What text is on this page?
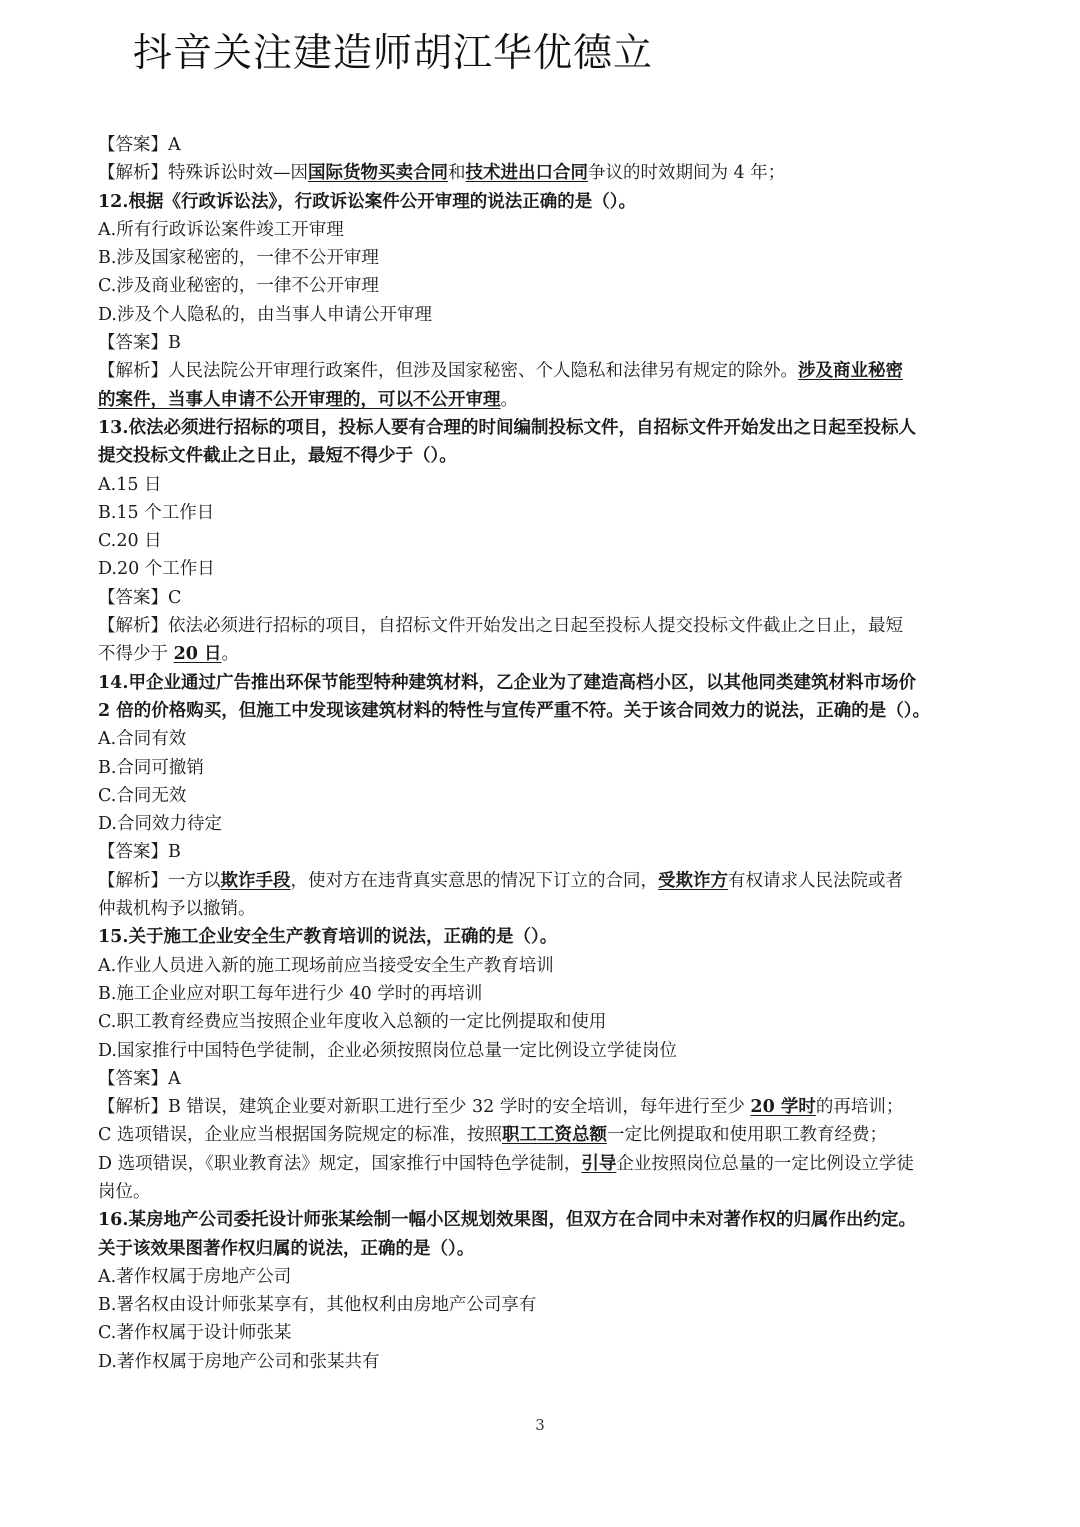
抖音关注建造师胡江华优德立
【答案】A
【解析】特殊诉讼时效—因国际货物买卖合同和技术进出口合同争议的时效期间为 4 年；
12.根据《行政诉讼法》，行政诉讼案件公开审理的说法正确的是（）。
A.所有行政诉讼案件竣工开审理
B.涉及国家秘密的，一律不公开审理
C.涉及商业秘密的，一律不公开审理
D.涉及个人隐私的，由当事人申请公开审理
【答案】B
【解析】人民法院公开审理行政案件，但涉及国家秘密、个人隐私和法律另有规定的除外。涉及商业秘密
的案件，当事人申请不公开审理的，可以不公开审理。
13.依法必须进行招标的项目，投标人要有合理的时间编制投标文件，自招标文件开始发出之日起至投标人
提交投标文件截止之日止，最短不得少于（）。
A.15 日
B.15 个工作日
C.20 日
D.20 个工作日
【答案】C
【解析】依法必须进行招标的项目，自招标文件开始发出之日起至投标人提交投标文件截止之日止，最短
不得少于 20 日。
14.甲企业通过广告推出环保节能型特种建筑材料，乙企业为了建造高档小区，以其他同类建筑材料市场价
2 倍的价格购买，但施工中发现该建筑材料的特性与宣传严重不符。关于该合同效力的说法，正确的是（）。
A.合同有效
B.合同可撤销
C.合同无效
D.合同效力待定
【答案】B
【解析】一方以欺诈手段，使对方在违背真实意思的情况下订立的合同，受欺诈方有权请求人民法院或者
仲裁机构予以撤销。
15.关于施工企业安全生产教育培训的说法，正确的是（）。
A.作业人员进入新的施工现场前应当接受安全生产教育培训
B.施工企业应对职工每年进行少 40 学时的再培训
C.职工教育经费应当按照企业年度收入总额的一定比例提取和使用
D.国家推行中国特色学徒制，企业必须按照岗位总量一定比例设立学徒岗位
【答案】A
【解析】B 错误，建筑企业要对新职工进行至少 32 学时的安全培训，每年进行至少 20 学时的再培训；
C 选项错误，企业应当根据国务院规定的标准，按照职工工资总额一定比例提取和使用职工教育经费；
D 选项错误，《职业教育法》规定，国家推行中国特色学徒制，引导企业按照岗位总量的一定比例设立学徒
岗位。
16.某房地产公司委托设计师张某绘制一幅小区规划效果图，但双方在合同中未对著作权的归属作出约定。
关于该效果图著作权归属的说法，正确的是（）。
A.著作权属于房地产公司
B.署名权由设计师张某享有，其他权利由房地产公司享有
C.著作权属于设计师张某
D.著作权属于房地产公司和张某共有
3
